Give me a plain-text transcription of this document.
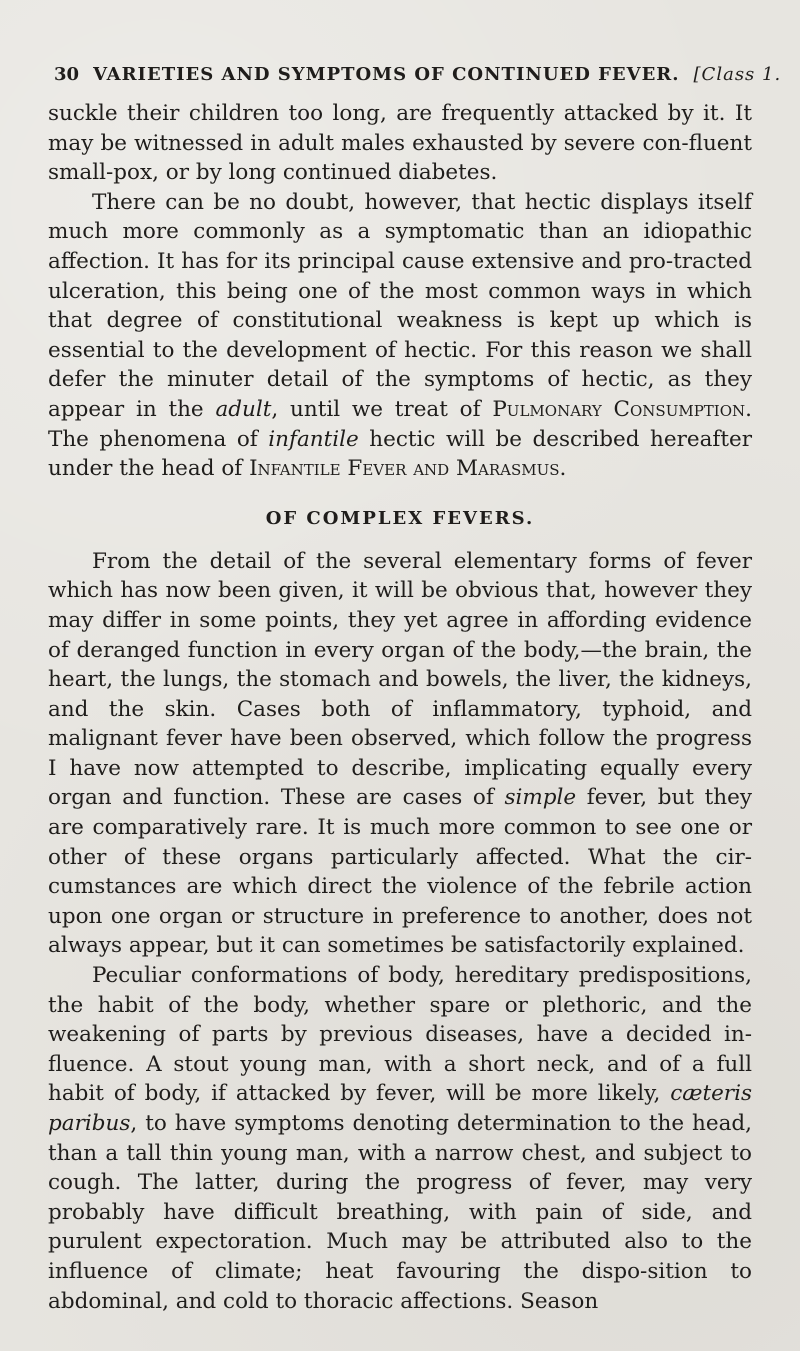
30 VARIETIES AND SYMPTOMS OF CONTINUED FEVER. [Class 1.

suckle their children too long, are frequently attacked by it. It may be witnessed in adult males exhausted by severe con-fluent small-pox, or by long continued diabetes.

There can be no doubt, however, that hectic displays itself much more commonly as a symptomatic than an idiopathic affection. It has for its principal cause extensive and pro-tracted ulceration, this being one of the most common ways in which that degree of constitutional weakness is kept up which is essential to the development of hectic. For this reason we shall defer the minuter detail of the symptoms of hectic, as they appear in the adult, until we treat of Pulmonary Consumption. The phenomena of infantile hectic will be described hereafter under the head of Infantile Fever and Marasmus.

OF COMPLEX FEVERS.

From the detail of the several elementary forms of fever which has now been given, it will be obvious that, however they may differ in some points, they yet agree in affording evidence of deranged function in every organ of the body,—the brain, the heart, the lungs, the stomach and bowels, the liver, the kidneys, and the skin. Cases both of inflammatory, typhoid, and malignant fever have been observed, which follow the progress I have now attempted to describe, implicating equally every organ and function. These are cases of simple fever, but they are comparatively rare. It is much more common to see one or other of these organs particularly affected. What the cir-cumstances are which direct the violence of the febrile action upon one organ or structure in preference to another, does not always appear, but it can sometimes be satisfactorily explained.

Peculiar conformations of body, hereditary predispositions, the habit of the body, whether spare or plethoric, and the weakening of parts by previous diseases, have a decided in-fluence. A stout young man, with a short neck, and of a full habit of body, if attacked by fever, will be more likely, cæteris paribus, to have symptoms denoting determination to the head, than a tall thin young man, with a narrow chest, and subject to cough. The latter, during the progress of fever, may very probably have difficult breathing, with pain of side, and purulent expectoration. Much may be attributed also to the influence of climate; heat favouring the dispo-sition to abdominal, and cold to thoracic affections. Season
